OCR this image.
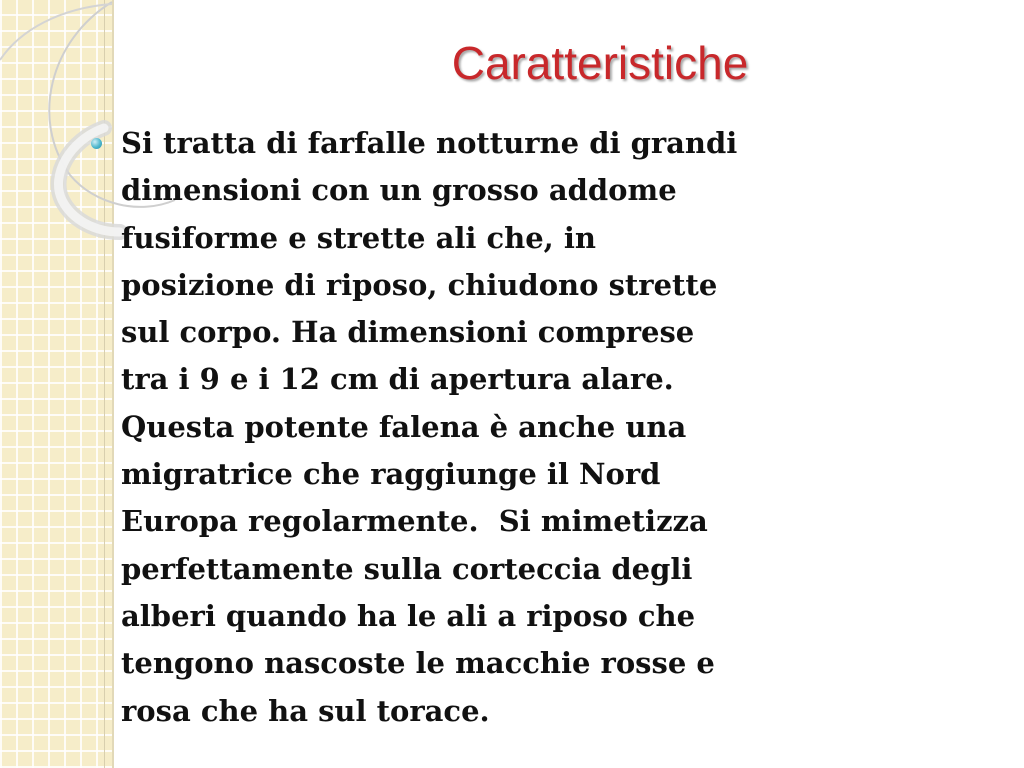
Caratteristiche

Si tratta di farfalle notturne di grandi
dimensioni con un grosso addome
fusiforme e strette ali che, in
posizione di riposo, chiudono strette
sul corpo. Ha dimensioni comprese
tra i 9 e i 12 cm di apertura alare.
Questa potente falena è anche una
migratrice che raggiunge il Nord
Europa regolarmente.  Si mimetizza
perfettamente sulla corteccia degli
alberi quando ha le ali a riposo che
tengono nascoste le macchie rosse e
rosa che ha sul torace.
